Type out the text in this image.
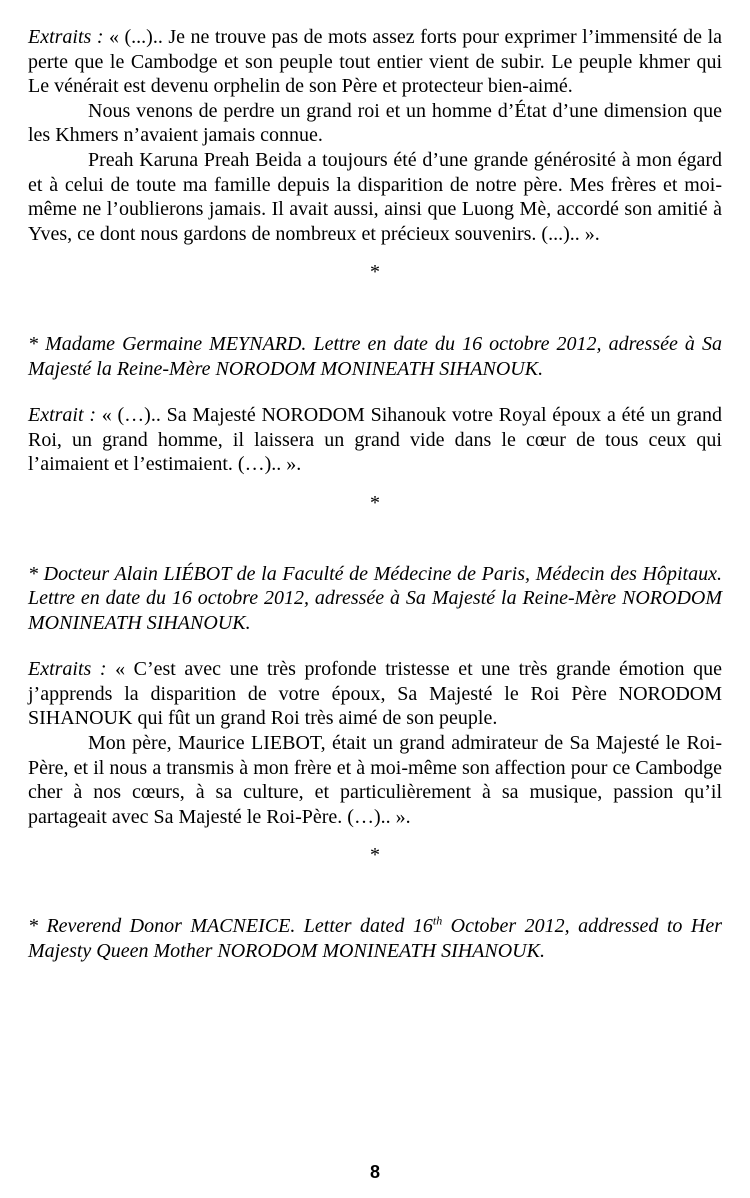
Extraits : « (...).. Je ne trouve pas de mots assez forts pour exprimer l’immensité de la perte que le Cambodge et son peuple tout entier vient de subir. Le peuple khmer qui Le vénérait est devenu orphelin de son Père et protecteur bien-aimé.

Nous venons de perdre un grand roi et un homme d’État d’une dimension que les Khmers n’avaient jamais connue.

Preah Karuna Preah Beida a toujours été d’une grande générosité à mon égard et à celui de toute ma famille depuis la disparition de notre père. Mes frères et moi-même ne l’oublierons jamais. Il avait aussi, ainsi que Luong Mè, accordé son amitié à Yves, ce dont nous gardons de nombreux et précieux souvenirs. (...).. ».

*

* Madame Germaine MEYNARD. Lettre en date du 16 octobre 2012, adressée à Sa Majesté la Reine-Mère NORODOM MONINEATH SIHANOUK.

Extrait : « (…).. Sa Majesté NORODOM Sihanouk votre Royal époux a été un grand Roi, un grand homme, il laissera un grand vide dans le cœur de tous ceux qui l’aimaient et l’estimaient. (…).. ».

*

* Docteur Alain LIÉBOT de la Faculté de Médecine de Paris, Médecin des Hôpitaux. Lettre en date du 16 octobre 2012, adressée à Sa Majesté la Reine-Mère NORODOM MONINEATH SIHANOUK.

Extraits : « C’est avec une très profonde tristesse et une très grande émotion que j’apprends la disparition de votre époux, Sa Majesté le Roi Père NORODOM SIHANOUK qui fût un grand Roi très aimé de son peuple.

Mon père, Maurice LIEBOT, était un grand admirateur de Sa Majesté le Roi-Père, et il nous a transmis à mon frère et à moi-même son affection pour ce Cambodge cher à nos cœurs, à sa culture, et particulièrement à sa musique, passion qu’il partageait avec Sa Majesté le Roi-Père. (…).. ».

*

* Reverend Donor MACNEICE. Letter dated 16th October 2012, addressed to Her Majesty Queen Mother NORODOM MONINEATH SIHANOUK.

8
